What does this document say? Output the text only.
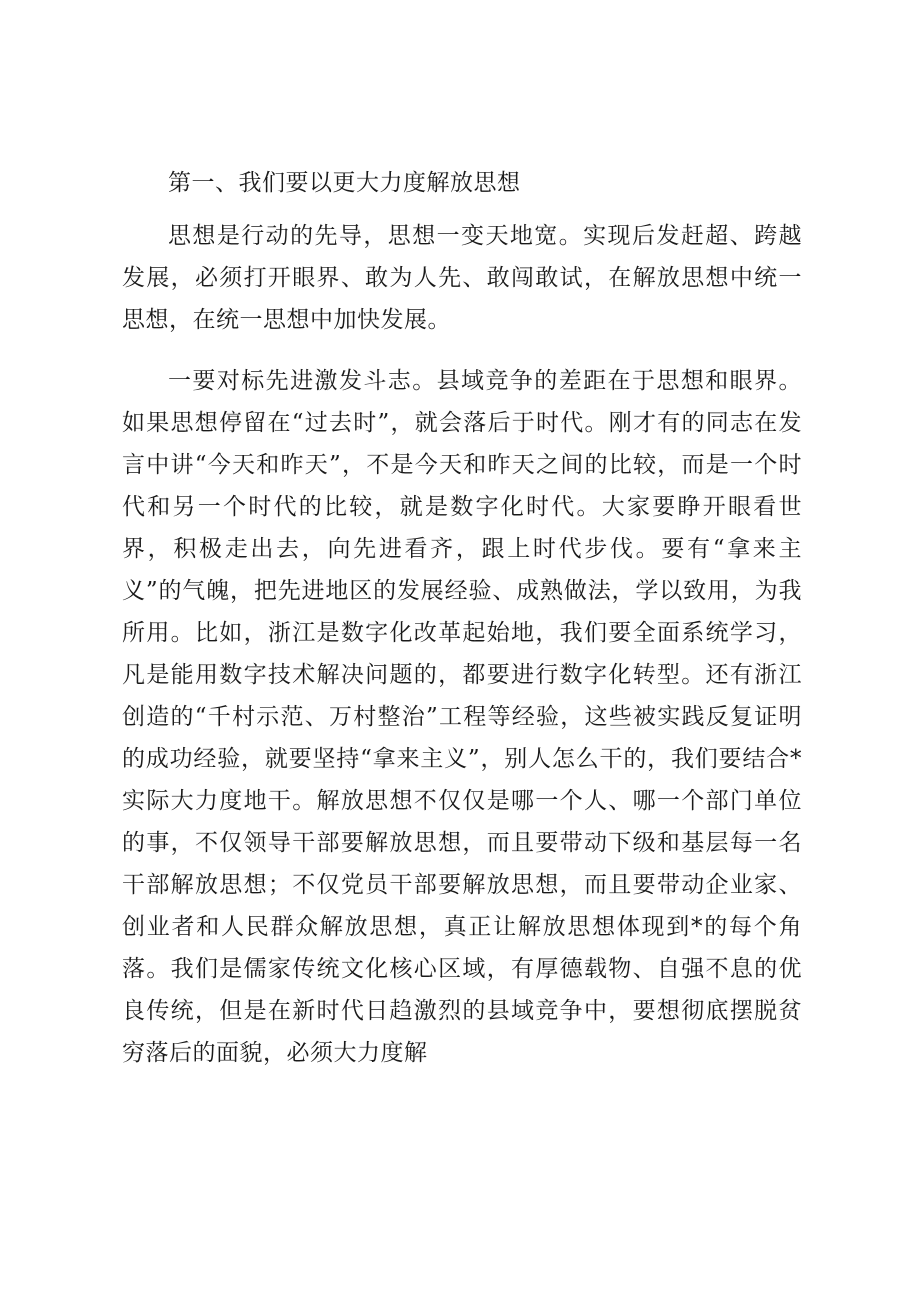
第一、我们要以更大力度解放思想

思想是行动的先导，思想一变天地宽。实现后发赶超、跨越发展，必须打开眼界、敢为人先、敢闯敢试，在解放思想中统一思想，在统一思想中加快发展。

一要对标先进激发斗志。县域竞争的差距在于思想和眼界。如果思想停留在“过去时”，就会落后于时代。刚才有的同志在发言中讲“今天和昨天”，不是今天和昨天之间的比较，而是一个时代和另一个时代的比较，就是数字化时代。大家要睁开眼看世界，积极走出去，向先进看齐，跟上时代步伐。要有“拿来主义”的气魄，把先进地区的发展经验、成熟做法，学以致用，为我所用。比如，浙江是数字化改革起始地，我们要全面系统学习，凡是能用数字技术解决问题的，都要进行数字化转型。还有浙江创造的“千村示范、万村整治”工程等经验，这些被实践反复证明的成功经验，就要坚持“拿来主义”，别人怎么干的，我们要结合*实际大力度地干。解放思想不仅仅是哪一个人、哪一个部门单位的事，不仅领导干部要解放思想，而且要带动下级和基层每一名干部解放思想；不仅党员干部要解放思想，而且要带动企业家、创业者和人民群众解放思想，真正让解放思想体现到*的每个角落。我们是儒家传统文化核心区域，有厚德载物、自强不息的优良传统，但是在新时代日趋激烈的县域竞争中，要想彻底摆脱贫穷落后的面貌，必须大力度解
